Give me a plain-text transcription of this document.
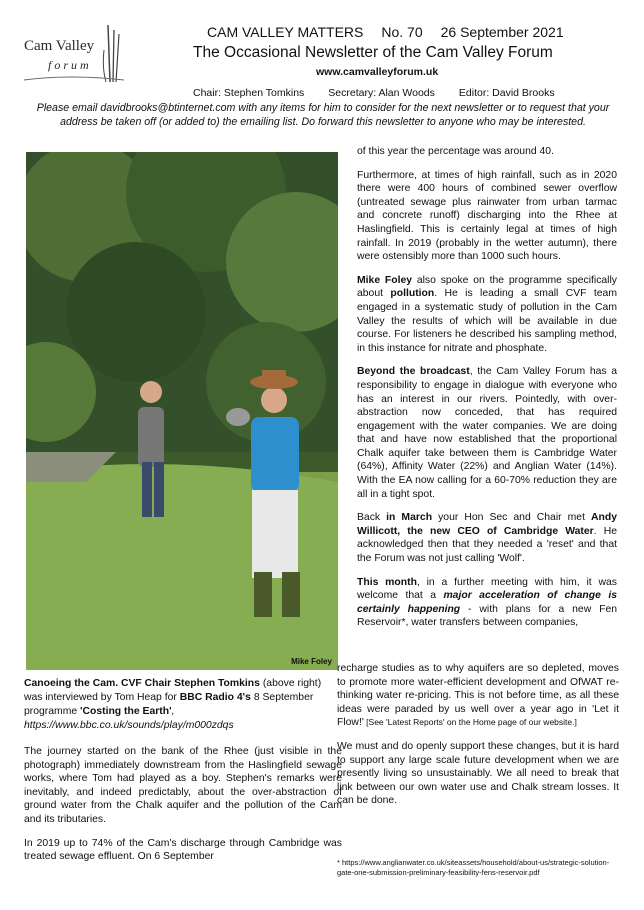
Cam Valley
forum
CAM VALLEY MATTERS No. 70 26 September 2021
The Occasional Newsletter of the Cam Valley Forum
www.camvalleyforum.uk
Chair: Stephen Tomkins Secretary: Alan Woods Editor: David Brooks
Please email davidbrooks@btinternet.com with any items for him to consider for the next newsletter or to request that your address be taken off (or added to) the emailing list. Do forward this newsletter to anyone who may be interested.
Mike Foley
Canoeing the Cam. CVF Chair Stephen Tomkins (above right) was interviewed by Tom Heap for BBC Radio 4's 8 September programme 'Costing the Earth', https://www.bbc.co.uk/sounds/play/m000zdqs

The journey started on the bank of the Rhee (just visible in the photograph) immediately downstream from the Haslingfield sewage works, where Tom had played as a boy. Stephen's remarks were inevitably, and indeed predictably, about the over-abstraction of ground water from the Chalk aquifer and the pollution of the Cam and its tributaries.

In 2019 up to 74% of the Cam's discharge through Cambridge was treated sewage effluent. On 6 September

of this year the percentage was around 40.

Furthermore, at times of high rainfall, such as in 2020 there were 400 hours of combined sewer overflow (untreated sewage plus rainwater from urban tarmac and concrete runoff) discharging into the Rhee at Haslingfield. This is certainly legal at times of high rainfall. In 2019 (probably in the wetter autumn), there were ostensibly more than 1000 such hours.

Mike Foley also spoke on the programme specifically about pollution. He is leading a small CVF team engaged in a systematic study of pollution in the Cam Valley the results of which will be available in due course. For listeners he described his sampling method, in this instance for nitrate and phosphate.

Beyond the broadcast, the Cam Valley Forum has a responsibility to engage in dialogue with everyone who has an interest in our rivers. Pointedly, with over-abstraction now conceded, that has required engagement with the water companies. We are doing that and have now established that the proportional Chalk aquifer take between them is Cambridge Water (64%), Affinity Water (22%) and Anglian Water (14%). With the EA now calling for a 60-70% reduction they are all in a tight spot.

Back in March your Hon Sec and Chair met Andy Willicott, the new CEO of Cambridge Water. He acknowledged then that they needed a 'reset' and that the Forum was not just calling 'Wolf'.

This month, in a further meeting with him, it was welcome that a major acceleration of change is certainly happening - with plans for a new Fen Reservoir*, water transfers between companies,

recharge studies as to why aquifers are so depleted, moves to promote more water-efficient development and OfWAT re-thinking water re-pricing. This is not before time, as all these ideas were paraded by us well over a year ago in 'Let it Flow!' [See 'Latest Reports' on the Home page of our website.]

We must and do openly support these changes, but it is hard to support any large scale future development when we are presently living so unsustainably. We all need to break that link between our own water use and Chalk stream losses. It can be done.

* https://www.anglianwater.co.uk/siteassets/household/about-us/strategic-solution-gate-one-submission-preliminary-feasibility-fens-reservoir.pdf
